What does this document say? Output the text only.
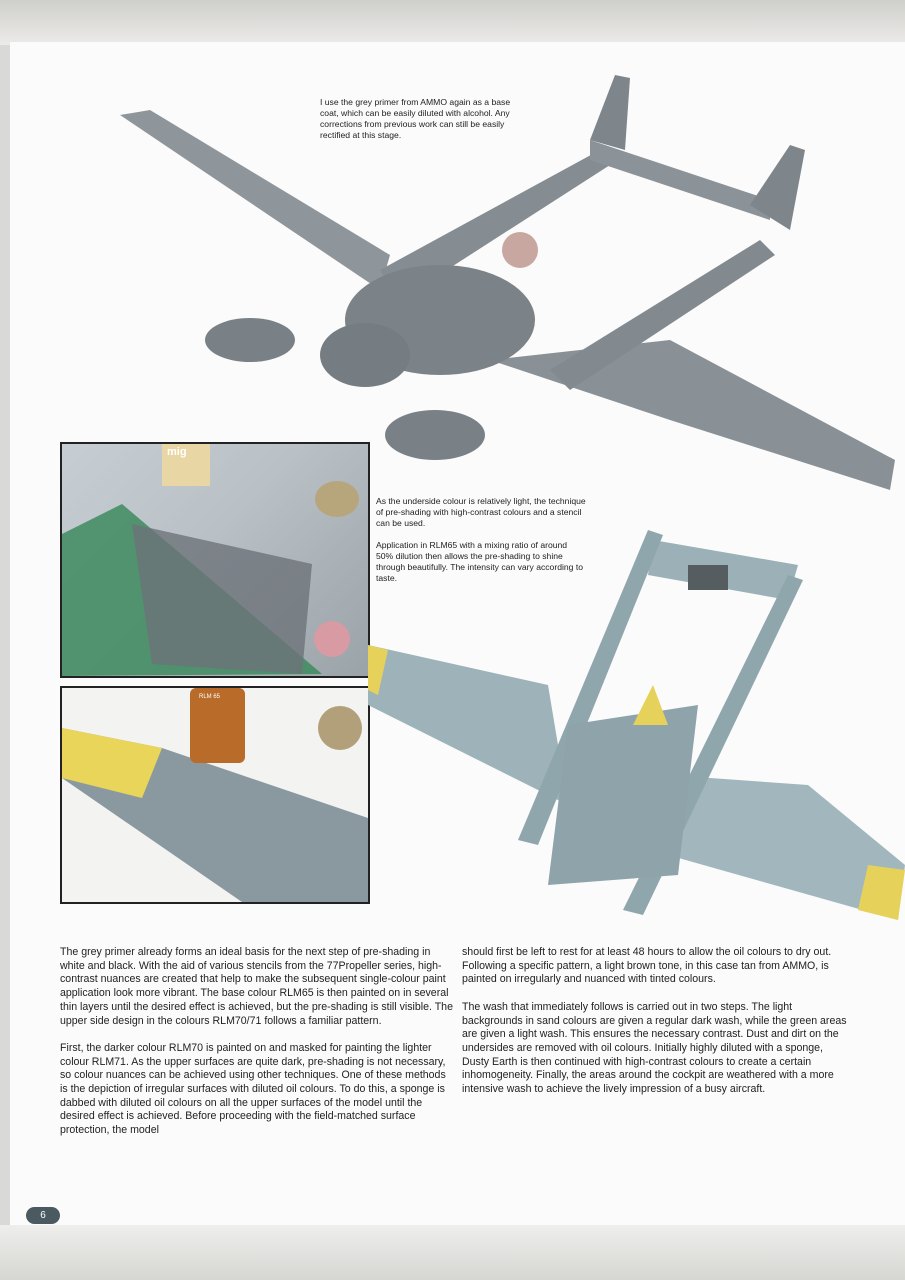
I use the grey primer from AMMO again as a base coat, which can be easily diluted with alcohol. Any corrections from previous work can still be easily rectified at this stage.
mig
As the underside colour is relatively light, the technique of pre-shading with high-contrast colours and a stencil can be used.
Application in RLM65 with a mixing ratio of around 50% dilution then allows the pre-shading to shine through beautifully. The intensity can vary according to taste.
RLM 65

The grey primer already forms an ideal basis for the next step of pre-shading in white and black. With the aid of various stencils from the 77Propeller series, high-contrast nuances are created that help to make the subsequent single-colour paint application look more vibrant. The base colour RLM65 is then painted on in several thin layers until the desired effect is achieved, but the pre-shading is still visible. The upper side design in the colours RLM70/71 follows a familiar pattern.

First, the darker colour RLM70 is painted on and masked for painting the lighter colour RLM71. As the upper surfaces are quite dark, pre-shading is not necessary, so colour nuances can be achieved using other techniques. One of these methods is the depiction of irregular surfaces with diluted oil colours. To do this, a sponge is dabbed with diluted oil colours on all the upper surfaces of the model until the desired effect is achieved. Before proceeding with the field-matched surface protection, the model

should first be left to rest for at least 48 hours to allow the oil colours to dry out. Following a specific pattern, a light brown tone, in this case tan from AMMO, is painted on irregularly and nuanced with tinted colours.

The wash that immediately follows is carried out in two steps. The light backgrounds in sand colours are given a regular dark wash, while the green areas are given a light wash. This ensures the necessary contrast. Dust and dirt on the undersides are removed with oil colours. Initially highly diluted with a sponge, Dusty Earth is then continued with high-contrast colours to create a certain inhomogeneity. Finally, the areas around the cockpit are weathered with a more intensive wash to achieve the lively impression of a busy aircraft.

6
